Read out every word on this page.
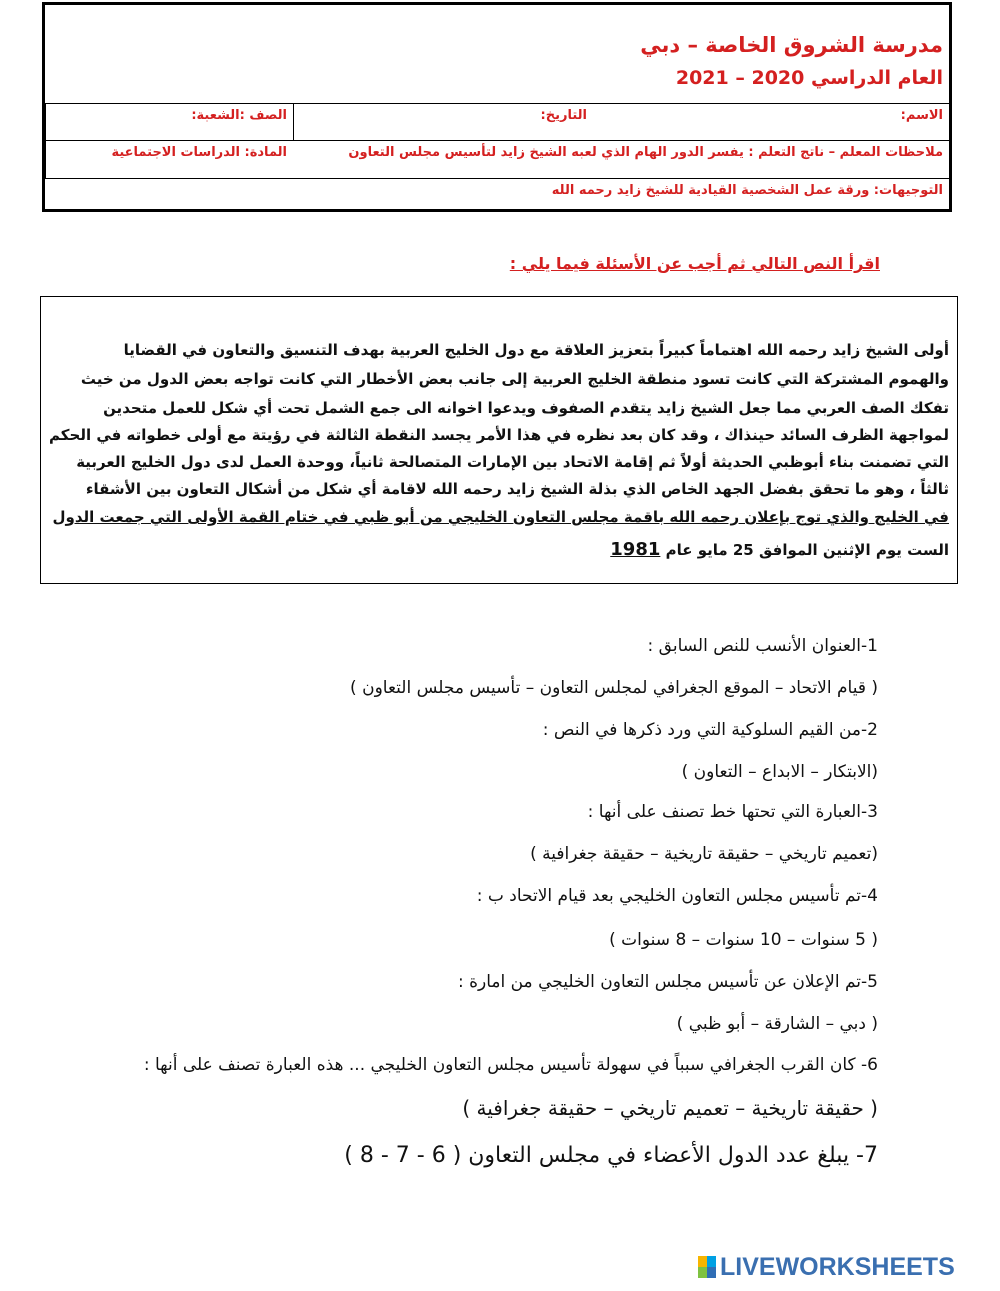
مدرسة الشروق الخاصة – دبي
العام الدراسي 2020 – 2021
الاسم:
التاريخ:
الصف :الشعبة:
ملاحظات المعلم – ناتج التعلم : يفسر الدور الهام الذي لعبه الشيخ زايد لتأسيس مجلس التعاون
المادة: الدراسات الاجتماعية
التوجيهات: ورقة عمل الشخصية القيادية للشيخ زايد رحمه الله
اقرأ النص التالي ثم أجب عن الأسئلة فيما يلي :
أولى الشيخ زايد رحمه الله اهتماماً كبيراً بتعزيز العلاقة مع دول الخليج العربية بهدف التنسيق والتعاون في القضايا
والهموم المشتركة التي كانت تسود منطقة الخليج العربية إلى جانب بعض الأخطار التي كانت تواجه بعض الدول من خيث
تفكك الصف العربي مما جعل الشيخ زايد يتقدم الصفوف ويدعوا اخوانه الى جمع الشمل تحت أي شكل للعمل متحدين
لمواجهة الظرف السائد حينذاك ، وقد كان بعد نظره في هذا الأمر يجسد النقطة الثالثة في رؤيتة مع أولى خطواته في الحكم
التي تضمنت بناء أبوظبي الحديثة أولاً ثم إقامة الاتحاد بين الإمارات المتصالحة ثانياً، ووحدة العمل لدى دول الخليج العربية
ثالثاً ، وهو ما تحقق بفضل الجهد الخاص الذي بذلة الشيخ زايد رحمه الله لاقامة أي شكل من أشكال التعاون بين الأشقاء
في الخليج والذي توج بإعلان رحمه الله باقمة مجلس التعاون الخليجي من أبو ظبي في ختام القمة الأولى التي جمعت الدول
الست يوم الإثنين الموافق 25 مايو عام 1981
1-العنوان الأنسب للنص السابق :
( قيام الاتحاد – الموقع الجغرافي لمجلس التعاون – تأسيس مجلس التعاون )
2-من القيم السلوكية التي ورد ذكرها في النص :
(الابتكار – الابداع – التعاون )
3-العبارة التي تحتها خط تصنف على أنها :
(تعميم تاريخي – حقيقة تاريخية – حقيقة جغرافية )
4-تم تأسيس مجلس التعاون الخليجي بعد قيام الاتحاد ب :
( 5 سنوات – 10 سنوات – 8 سنوات )
5-تم الإعلان عن تأسيس مجلس التعاون الخليجي من امارة :
( دبي – الشارقة – أبو ظبي )
6- كان القرب الجغرافي سبباً في سهولة تأسيس مجلس التعاون الخليجي ... هذه العبارة تصنف على أنها :
( حقيقة تاريخية – تعميم تاريخي – حقيقة جغرافية )
7- يبلغ عدد الدول الأعضاء في مجلس التعاون ( 6 - 7 - 8 )
LIVEWORKSHEETS
